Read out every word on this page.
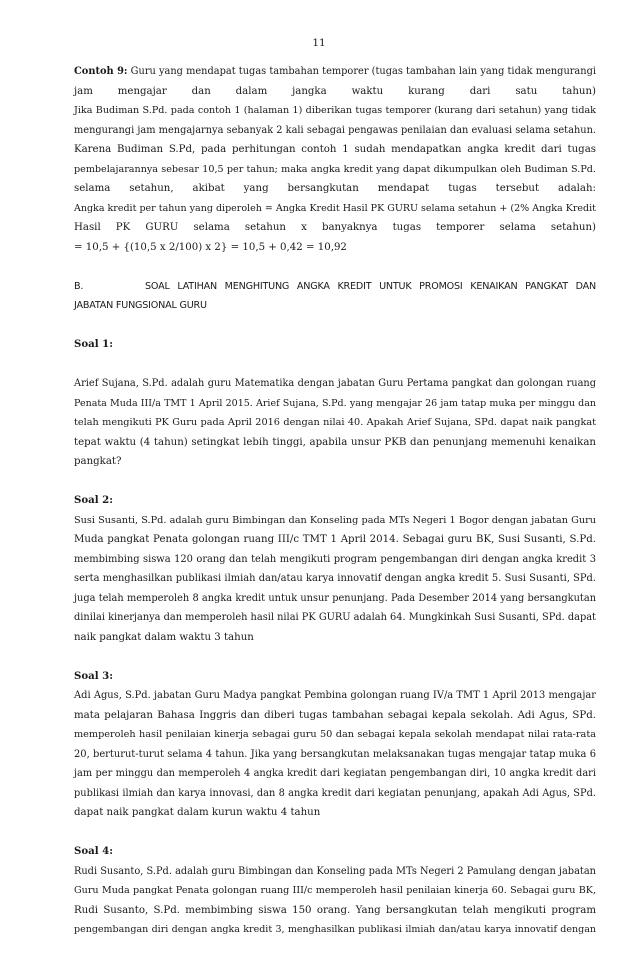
11
Contoh 9: Guru yang mendapat tugas tambahan temporer (tugas tambahan lain yang tidak mengurangi
jam mengajar dan dalam jangka waktu kurang dari satu tahun)
Jika Budiman S.Pd. pada contoh 1 (halaman 1) diberikan tugas temporer (kurang dari setahun) yang tidak
mengurangi jam mengajarnya sebanyak 2 kali sebagai pengawas penilaian dan evaluasi selama setahun.
Karena Budiman S.Pd, pada perhitungan contoh 1 sudah mendapatkan angka kredit dari tugas
pembelajarannya sebesar 10,5 per tahun; maka angka kredit yang dapat dikumpulkan oleh Budiman S.Pd.
selama setahun, akibat yang bersangkutan mendapat tugas tersebut adalah:
Angka kredit per tahun yang diperoleh = Angka Kredit Hasil PK GURU selama setahun + (2% Angka Kredit
Hasil PK GURU selama setahun x banyaknya tugas temporer selama setahun)
= 10,5 + {(10,5 x 2/100) x 2} = 10,5 + 0,42 = 10,92
B.        SOAL LATIHAN MENGHITUNG ANGKA KREDIT UNTUK PROMOSI KENAIKAN PANGKAT DAN
JABATAN FUNGSIONAL GURU
Soal 1:
Arief Sujana, S.Pd. adalah guru Matematika dengan jabatan Guru Pertama pangkat dan golongan ruang
Penata Muda III/a TMT 1 April 2015. Arief Sujana, S.Pd. yang mengajar 26 jam tatap muka per minggu dan
telah mengikuti PK Guru pada April 2016 dengan nilai 40. Apakah Arief Sujana, SPd. dapat naik pangkat
tepat waktu (4 tahun) setingkat lebih tinggi, apabila unsur PKB dan penunjang memenuhi kenaikan
pangkat?
Soal 2:
Susi Susanti, S.Pd. adalah guru Bimbingan dan Konseling pada MTs Negeri 1 Bogor dengan jabatan Guru
Muda pangkat Penata golongan ruang III/c TMT 1 April 2014. Sebagai guru BK, Susi Susanti, S.Pd.
membimbing siswa 120 orang dan telah mengikuti program pengembangan diri dengan angka kredit 3
serta menghasilkan publikasi ilmiah dan/atau karya innovatif dengan angka kredit 5. Susi Susanti, SPd.
juga telah memperoleh 8 angka kredit untuk unsur penunjang. Pada Desember 2014 yang bersangkutan
dinilai kinerjanya dan memperoleh hasil nilai PK GURU adalah 64. Mungkinkah Susi Susanti, SPd. dapat
naik pangkat dalam waktu 3 tahun
Soal 3:
Adi Agus, S.Pd. jabatan Guru Madya pangkat Pembina golongan ruang IV/a TMT 1 April 2013 mengajar
mata pelajaran Bahasa Inggris dan diberi tugas tambahan sebagai kepala sekolah. Adi Agus, SPd.
memperoleh hasil penilaian kinerja sebagai guru 50 dan sebagai kepala sekolah mendapat nilai rata-rata
20, berturut-turut selama 4 tahun. Jika yang bersangkutan melaksanakan tugas mengajar tatap muka 6
jam per minggu dan memperoleh 4 angka kredit dari kegiatan pengembangan diri, 10 angka kredit dari
publikasi ilmiah dan karya innovasi, dan 8 angka kredit dari kegiatan penunjang, apakah Adi Agus, SPd.
dapat naik pangkat dalam kurun waktu 4 tahun
Soal 4:
Rudi Susanto, S.Pd. adalah guru Bimbingan dan Konseling pada MTs Negeri 2 Pamulang dengan jabatan
Guru Muda pangkat Penata golongan ruang III/c memperoleh hasil penilaian kinerja 60. Sebagai guru BK,
Rudi Susanto, S.Pd. membimbing siswa 150 orang. Yang bersangkutan telah mengikuti program
pengembangan diri dengan angka kredit 3, menghasilkan publikasi ilmiah dan/atau karya innovatif dengan
